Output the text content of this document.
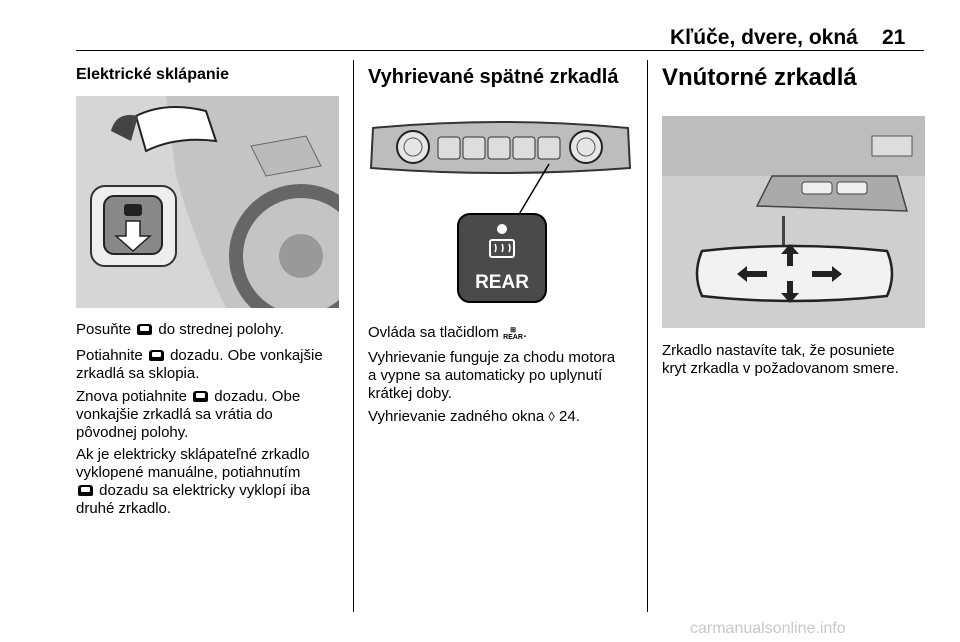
Kľúče, dvere, okná 21
Elektrické sklápanie

Posuňte do strednej polohy.

Potiahnite dozadu. Obe vonkajšie
zrkadlá sa sklopia.

Znova potiahnite dozadu. Obe
vonkajšie zrkadlá sa vrátia do
pôvodnej polohy.

Ak je elektricky sklápateľné zrkadlo
vyklopené manuálne, potiahnutím
dozadu sa elektricky vyklopí iba
druhé zrkadlo.

Vyhrievané spätné zrkadlá
REAR

Ovláda sa tlačidlom ⊞
REAR.

Vyhrievanie funguje za chodu motora
a vypne sa automaticky po uplynutí
krátkej doby.

Vyhrievanie zadného okna ◊ 24.

Vnútorné zrkadlá

Zrkadlo nastavíte tak, že posuniete
kryt zrkadla v požadovanom smere.

carmanualsonline.info
